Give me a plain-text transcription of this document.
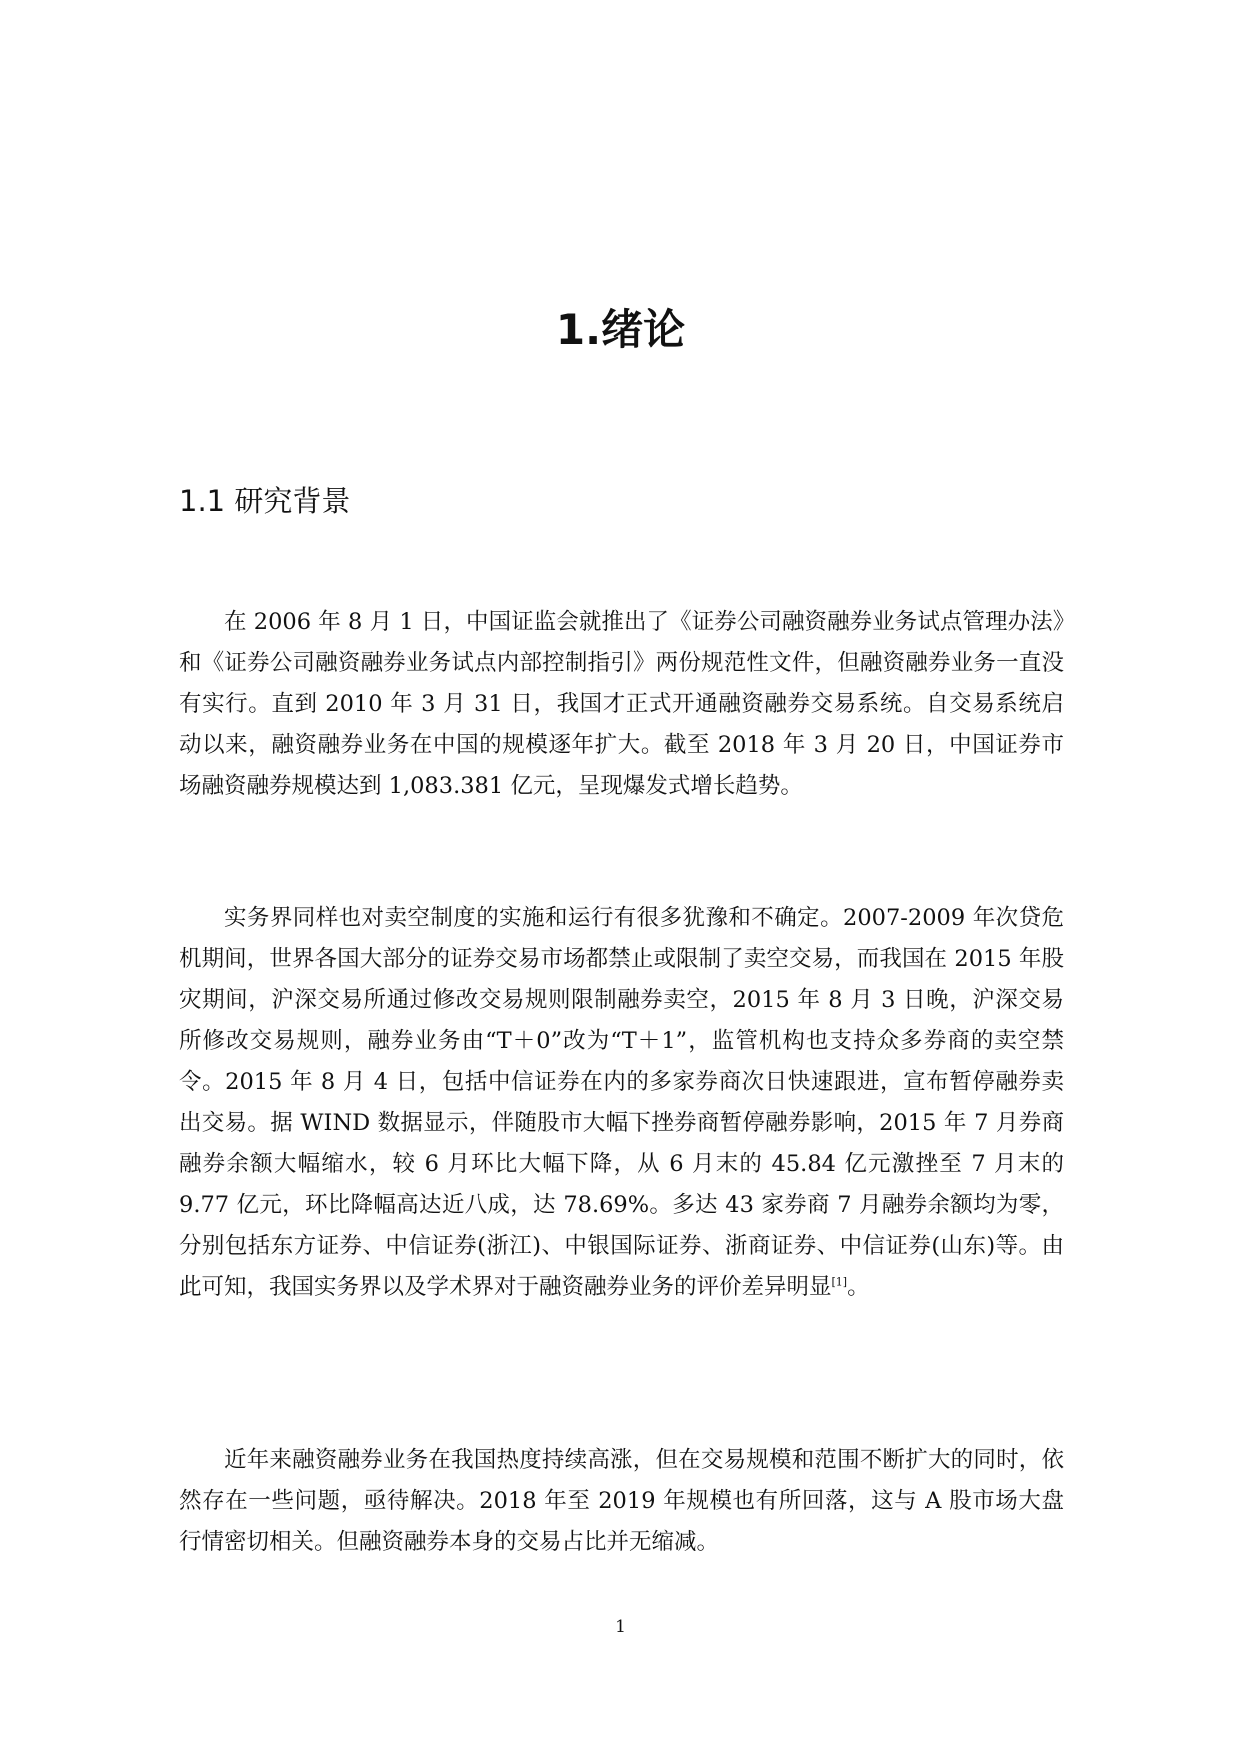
1.绪论
1.1 研究背景

在 2006 年 8 月 1 日，中国证监会就推出了《证券公司融资融券业务试点管理办法》和《证券公司融资融券业务试点内部控制指引》两份规范性文件，但融资融券业务一直没有实行。直到 2010 年 3 月 31 日，我国才正式开通融资融券交易系统。自交易系统启动以来，融资融券业务在中国的规模逐年扩大。截至 2018 年 3 月 20 日，中国证券市场融资融券规模达到 1,083.381 亿元，呈现爆发式增长趋势。

实务界同样也对卖空制度的实施和运行有很多犹豫和不确定。2007-2009 年次贷危机期间，世界各国大部分的证券交易市场都禁止或限制了卖空交易，而我国在 2015 年股灾期间，沪深交易所通过修改交易规则限制融券卖空，2015 年 8 月 3 日晚，沪深交易所修改交易规则，融券业务由“T＋0”改为“T＋1”，监管机构也支持众多券商的卖空禁令。2015 年 8 月 4 日，包括中信证券在内的多家券商次日快速跟进，宣布暂停融券卖出交易。据 WIND 数据显示，伴随股市大幅下挫券商暂停融券影响，2015 年 7 月券商融券余额大幅缩水，较 6 月环比大幅下降，从 6 月末的 45.84 亿元激挫至 7 月末的 9.77 亿元，环比降幅高达近八成，达 78.69%。多达 43 家券商 7 月融券余额均为零，分别包括东方证券、中信证券(浙江)、中银国际证券、浙商证券、中信证券(山东)等。由此可知，我国实务界以及学术界对于融资融券业务的评价差异明显[1]。

近年来融资融券业务在我国热度持续高涨，但在交易规模和范围不断扩大的同时，依然存在一些问题，亟待解决。2018 年至 2019 年规模也有所回落，这与 A 股市场大盘行情密切相关。但融资融券本身的交易占比并无缩减。

1
